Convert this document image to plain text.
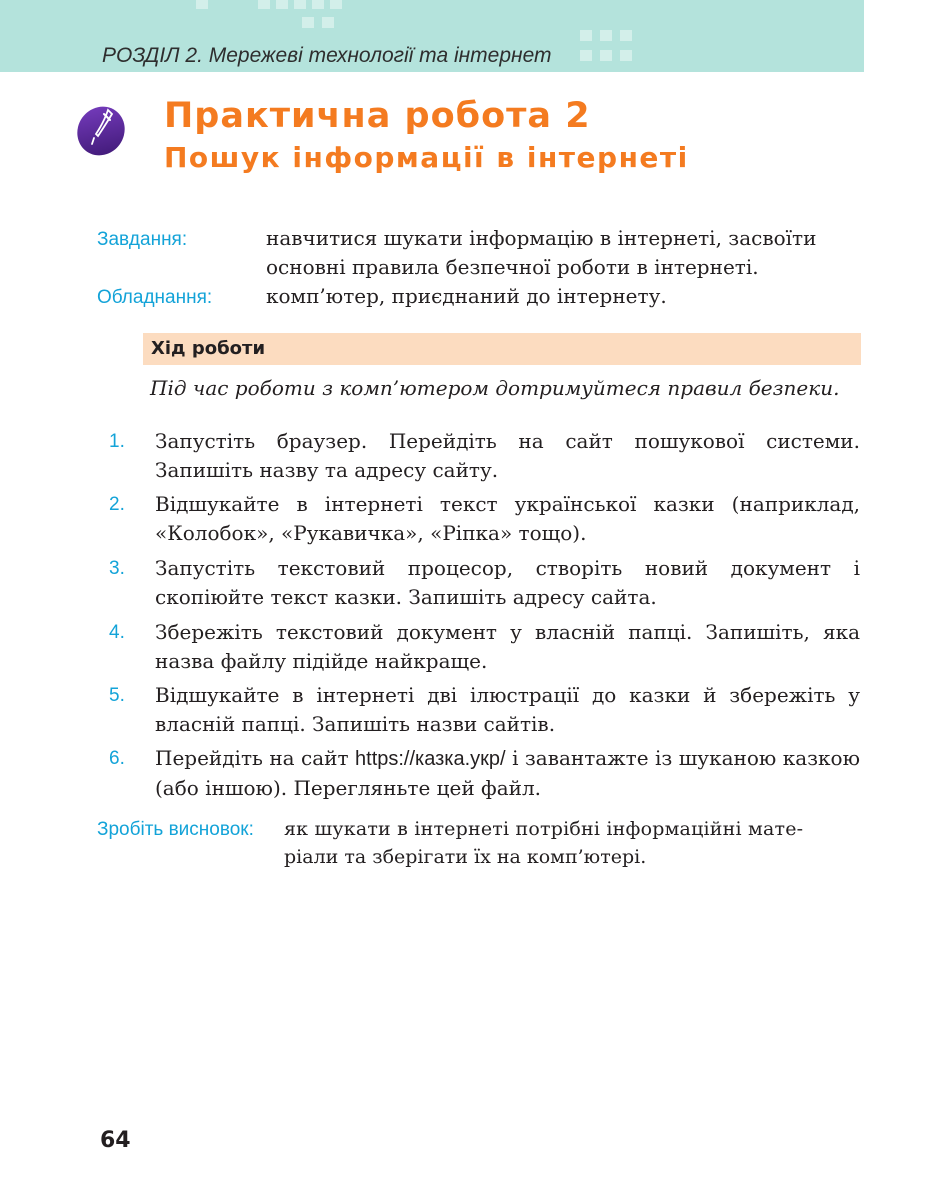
РОЗДІЛ 2. Мережеві технології та інтернет
Практична робота 2
Пошук інформації в інтернеті
Завдання:	навчитися шукати інформацію в інтернеті, засвоїти
основні правила безпечної роботи в інтернеті.
Обладнання:	комп’ютер, приєднаний до інтернету.
Хід роботи
Під час роботи з комп’ютером дотримуйтеся правил безпеки.
1. Запустіть браузер. Перейдіть на сайт пошукової системи. Запишіть назву та адресу сайту.
2. Відшукайте в інтернеті текст української казки (наприклад, «Колобок», «Рукавичка», «Ріпка» тощо).
3. Запустіть текстовий процесор, створіть новий документ і скопіюйте текст казки. Запишіть адресу сайта.
4. Збережіть текстовий документ у власній папці. Запишіть, яка назва файлу підійде найкраще.
5. Відшукайте в інтернеті дві ілюстрації до казки й збережіть у власній папці. Запишіть назви сайтів.
6. Перейдіть на сайт https://казка.укр/ і завантажте із шуканою казкою (або іншою). Перегляньте цей файл.
Зробіть висновок: як шукати в інтернеті потрібні інформаційні мате-
ріали та зберігати їх на комп’ютері.
64
